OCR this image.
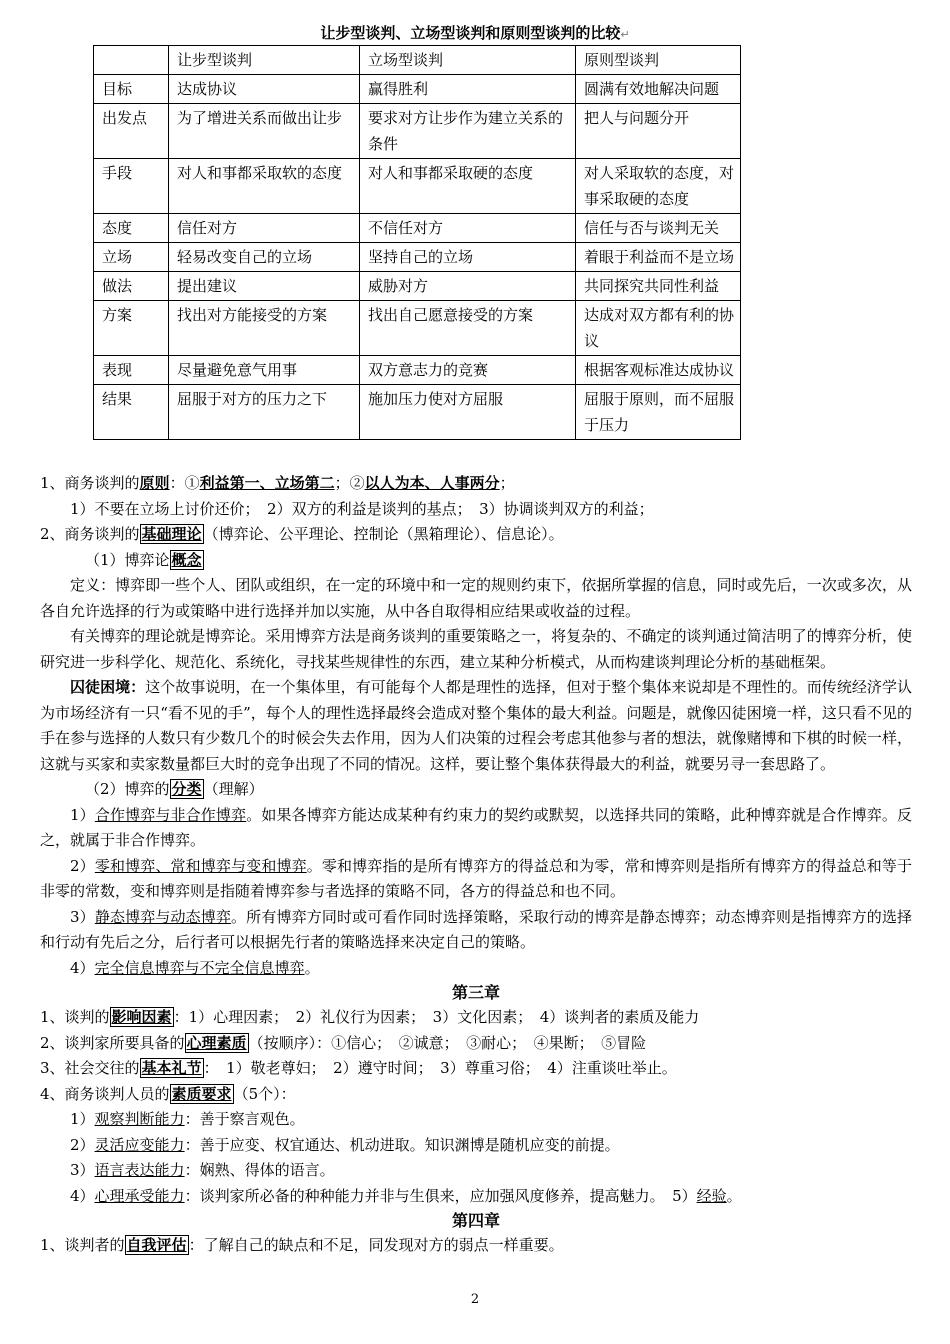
让步型谈判、立场型谈判和原则型谈判的比较↵
	让步型谈判	立场型谈判	原则型谈判
目标	达成协议	赢得胜利	圆满有效地解决问题
出发点	为了增进关系而做出让步	要求对方让步作为建立关系的条件	把人与问题分开
手段	对人和事都采取软的态度	对人和事都采取硬的态度	对人采取软的态度，对事采取硬的态度
态度	信任对方	不信任对方	信任与否与谈判无关
立场	轻易改变自己的立场	坚持自己的立场	着眼于利益而不是立场
做法	提出建议	威胁对方	共同探究共同性利益
方案	找出对方能接受的方案	找出自己愿意接受的方案	达成对双方都有利的协议
表现	尽量避免意气用事	双方意志力的竞赛	根据客观标准达成协议
结果	屈服于对方的压力之下	施加压力使对方屈服	屈服于原则，而不屈服于压力

1、商务谈判的原则：①利益第一、立场第二；②以人为本、人事两分；

1）不要在立场上讨价还价；　2）双方的利益是谈判的基点；　3）协调谈判双方的利益；

2、商务谈判的 基础理论 （博弈论、公平理论、控制论（黑箱理论）、信息论）。

（1）博弈论 概念

定义：博弈即一些个人、团队或组织，在一定的环境中和一定的规则约束下，依据所掌握的信息，同时或先后，一次或多次，从各自允许选择的行为或策略中进行选择并加以实施，从中各自取得相应结果或收益的过程。

有关博弈的理论就是博弈论。采用博弈方法是商务谈判的重要策略之一，将复杂的、不确定的谈判通过简洁明了的博弈分析，使研究进一步科学化、规范化、系统化，寻找某些规律性的东西，建立某种分析模式，从而构建谈判理论分析的基础框架。

囚徒困境：这个故事说明，在一个集体里，有可能每个人都是理性的选择，但对于整个集体来说却是不理性的。而传统经济学认为市场经济有一只“看不见的手”，每个人的理性选择最终会造成对整个集体的最大利益。问题是，就像囚徒困境一样，这只看不见的手在参与选择的人数只有少数几个的时候会失去作用，因为人们决策的过程会考虑其他参与者的想法，就像赌博和下棋的时候一样，这就与买家和卖家数量都巨大时的竞争出现了不同的情况。这样，要让整个集体获得最大的利益，就要另寻一套思路了。

（2）博弈的 分类 （理解）

1）合作博弈与非合作博弈。如果各博弈方能达成某种有约束力的契约或默契，以选择共同的策略，此种博弈就是合作博弈。反之，就属于非合作博弈。

2）零和博弈、常和博弈与变和博弈。零和博弈指的是所有博弈方的得益总和为零，常和博弈则是指所有博弈方的得益总和等于非零的常数，变和博弈则是指随着博弈参与者选择的策略不同，各方的得益总和也不同。

3）静态博弈与动态博弈。所有博弈方同时或可看作同时选择策略，采取行动的博弈是静态博弈；动态博弈则是指博弈方的选择和行动有先后之分，后行者可以根据先行者的策略选择来决定自己的策略。

4）完全信息博弈与不完全信息博弈。

第三章

1、谈判的 影响因素 ：1）心理因素；　2）礼仪行为因素；　3）文化因素；　4）谈判者的素质及能力

2、谈判家所要具备的 心理素质 （按顺序）：①信心；　②诚意；　③耐心；　④果断；　⑤冒险

3、社会交往的 基本礼节 ：　1）敬老尊妇；　2）遵守时间；　3）尊重习俗；　4）注重谈吐举止。

4、商务谈判人员的 素质要求 （5个）：

1）观察判断能力：善于察言观色。

2）灵活应变能力：善于应变、权宜通达、机动进取。知识渊博是随机应变的前提。

3）语言表达能力：娴熟、得体的语言。

4）心理承受能力：谈判家所必备的种种能力并非与生俱来，应加强风度修养，提高魅力。　5）经验。

第四章

1、谈判者的 自我评估 ：了解自己的缺点和不足，同发现对方的弱点一样重要。

2
